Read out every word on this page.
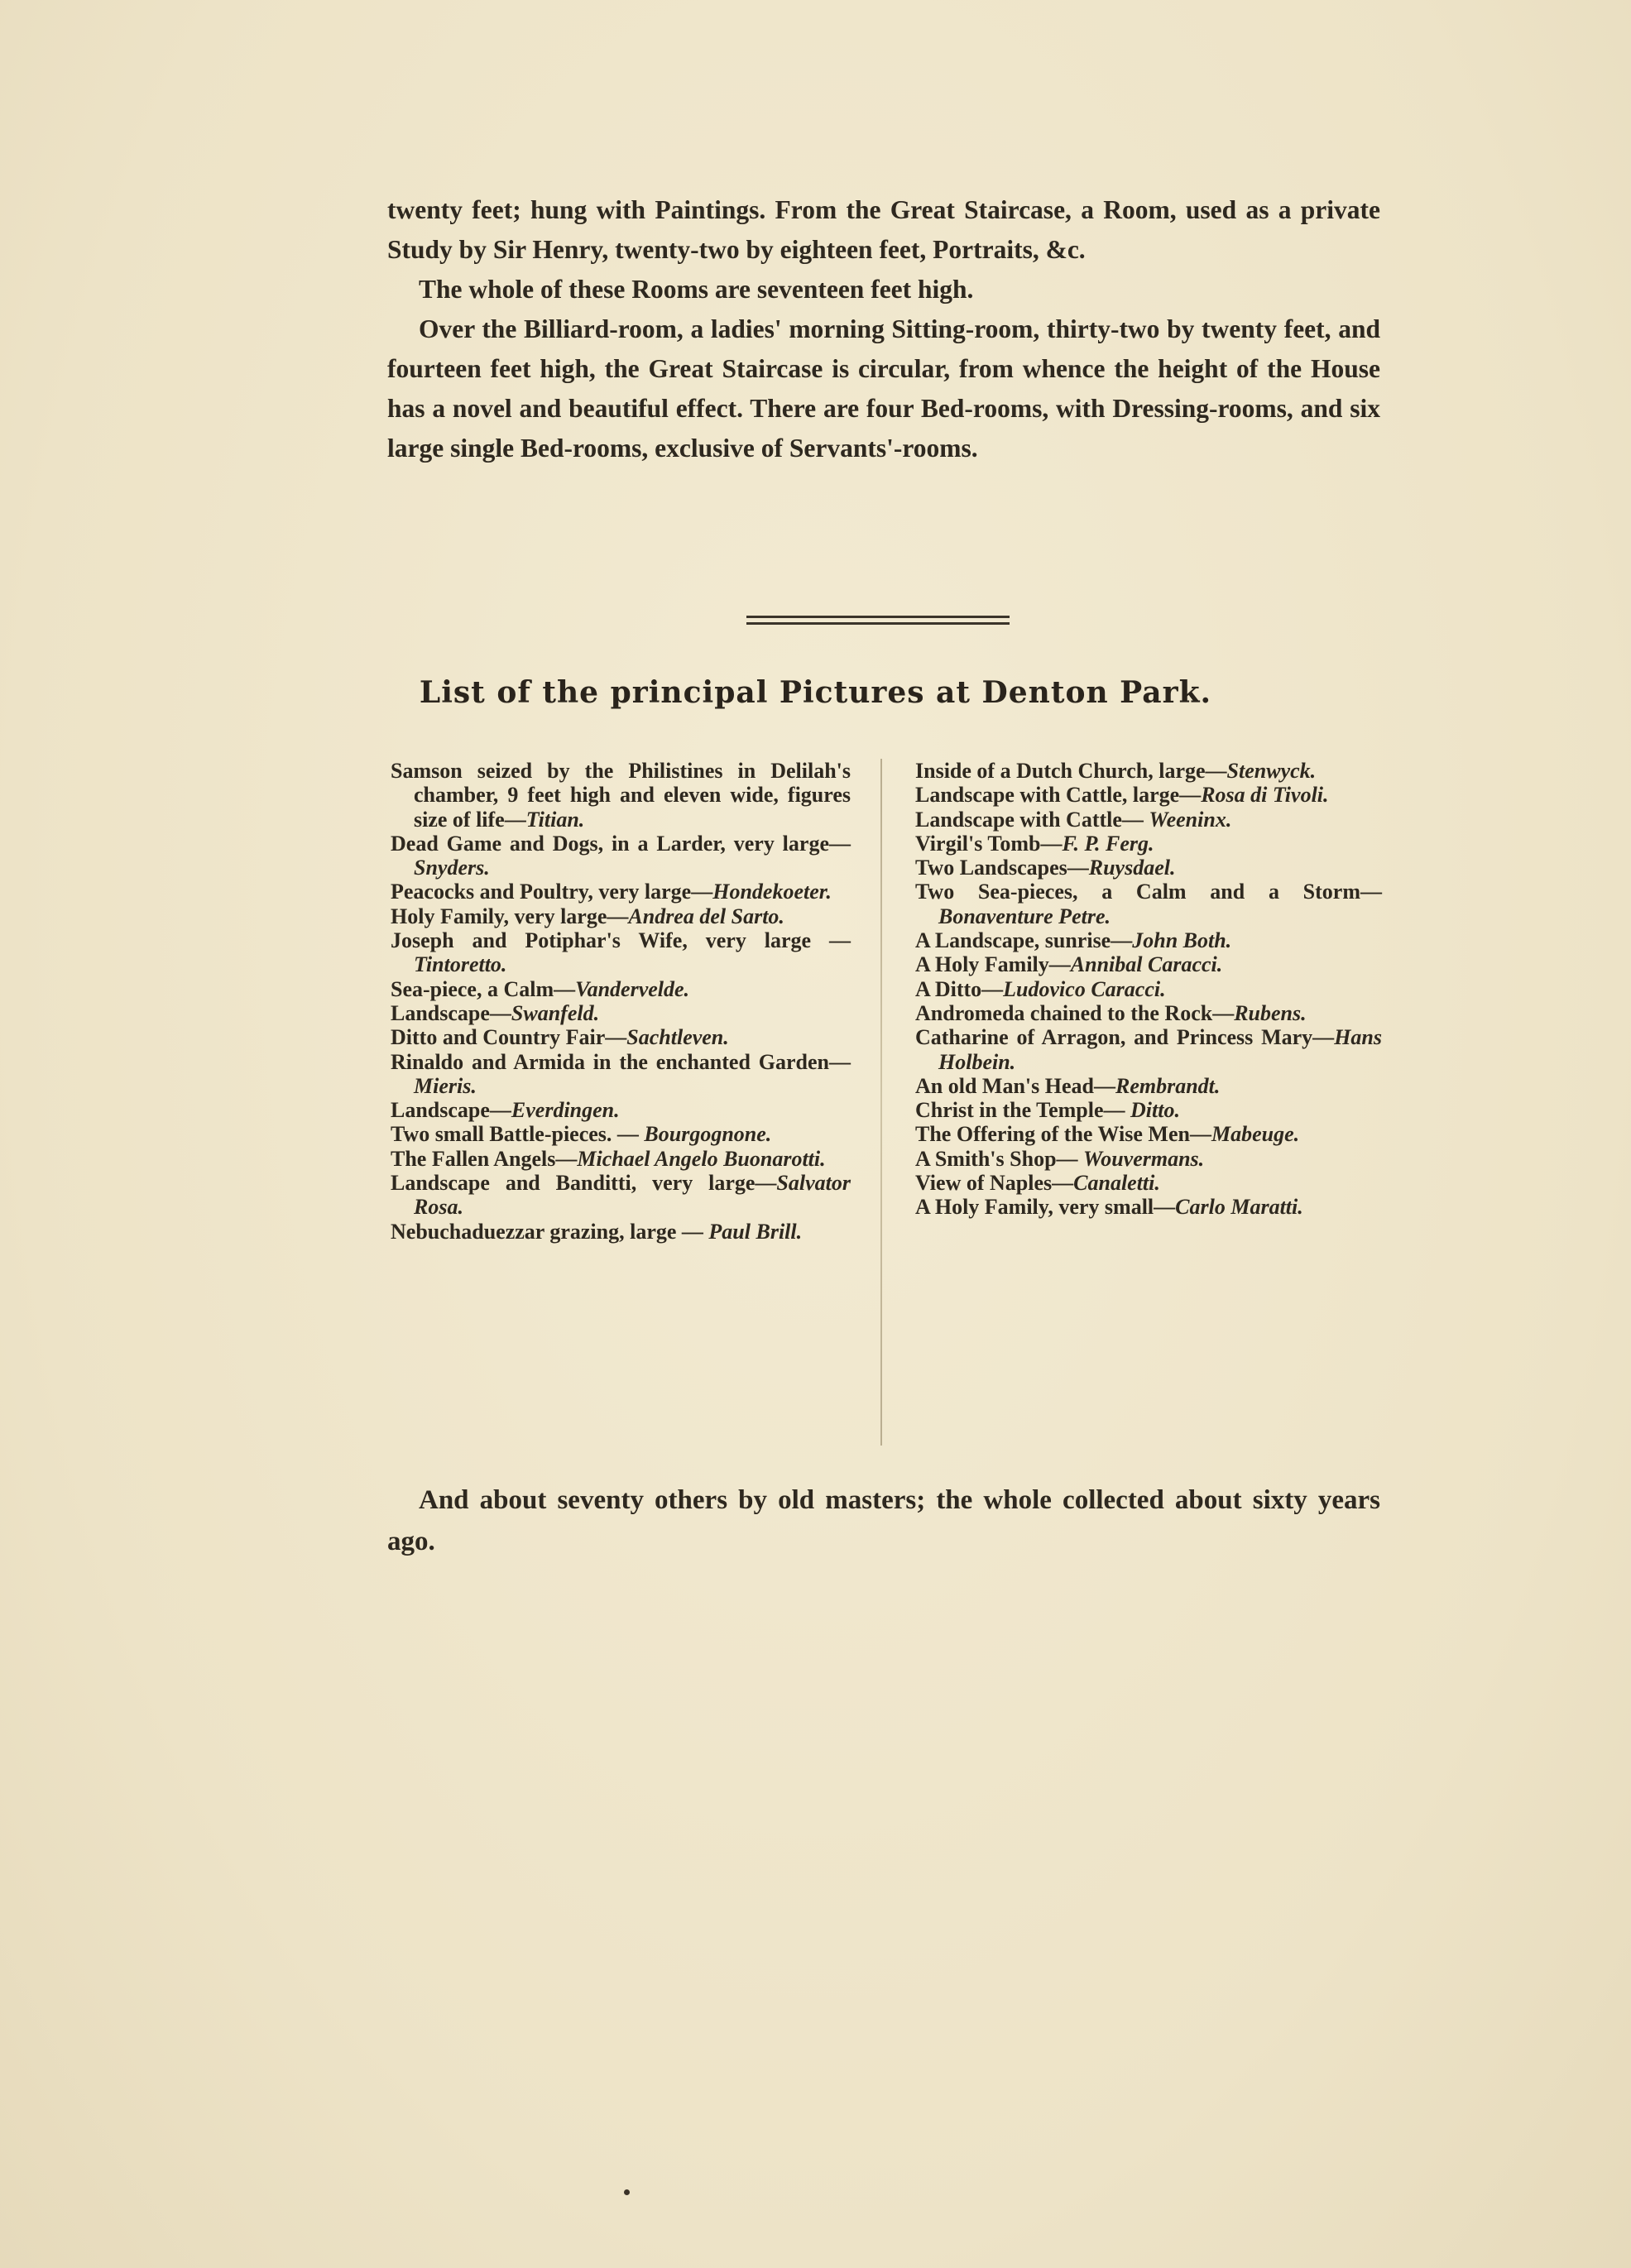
twenty feet; hung with Paintings. From the Great Staircase, a Room, used as a private Study by Sir Henry, twenty-two by eighteen feet, Portraits, &c.

The whole of these Rooms are seventeen feet high.

Over the Billiard-room, a ladies' morning Sitting-room, thirty-two by twenty feet, and fourteen feet high, the Great Staircase is circular, from whence the height of the House has a novel and beautiful effect. There are four Bed-rooms, with Dressing-rooms, and six large single Bed-rooms, exclusive of Servants'-rooms.

List of the principal Pictures at Denton Park.
Samson seized by the Philistines in Delilah's chamber, 9 feet high and eleven wide, figures size of life—Titian.
Dead Game and Dogs, in a Larder, very large—Snyders.
Peacocks and Poultry, very large—Hondekoeter.
Holy Family, very large—Andrea del Sarto.
Joseph and Potiphar's Wife, very large —Tintoretto.
Sea-piece, a Calm—Vandervelde.
Landscape—Swanfeld.
Ditto and Country Fair—Sachtleven.
Rinaldo and Armida in the enchanted Garden—Mieris.
Landscape—Everdingen.
Two small Battle-pieces. — Bourgognone.
The Fallen Angels—Michael Angelo Buonarotti.
Landscape and Banditti, very large—Salvator Rosa.
Nebuchaduezzar grazing, large — Paul Brill.
Inside of a Dutch Church, large—Stenwyck.
Landscape with Cattle, large—Rosa di Tivoli.
Landscape with Cattle— Weeninx.
Virgil's Tomb—F. P. Ferg.
Two Landscapes—Ruysdael.
Two Sea-pieces, a Calm and a Storm—Bonaventure Petre.
A Landscape, sunrise—John Both.
A Holy Family—Annibal Caracci.
A Ditto—Ludovico Caracci.
Andromeda chained to the Rock—Rubens.
Catharine of Arragon, and Princess Mary—Hans Holbein.
An old Man's Head—Rembrandt.
Christ in the Temple— Ditto.
The Offering of the Wise Men—Mabeuge.
A Smith's Shop— Wouvermans.
View of Naples—Canaletti.
A Holy Family, very small—Carlo Maratti.

And about seventy others by old masters; the whole collected about sixty years ago.
